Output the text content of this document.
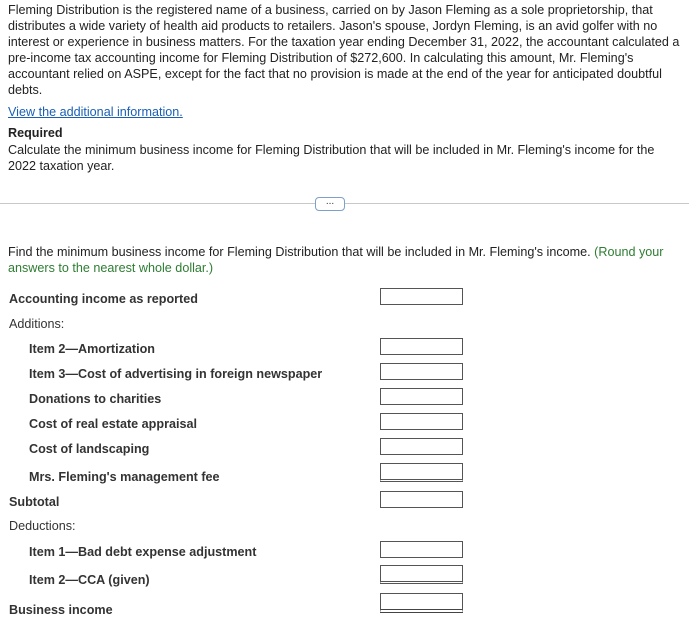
Fleming Distribution is the registered name of a business, carried on by Jason Fleming as a sole proprietorship, that distributes a wide variety of health aid products to retailers. Jason's spouse, Jordyn Fleming, is an avid golfer with no interest or experience in business matters. For the taxation year ending December 31, 2022, the accountant calculated a pre-income tax accounting income for Fleming Distribution of $272,600. In calculating this amount, Mr. Fleming's accountant relied on ASPE, except for the fact that no provision is made at the end of the year for anticipated doubtful debts.
View the additional information.
Required
Calculate the minimum business income for Fleming Distribution that will be included in Mr. Fleming's income for the 2022 taxation year.
...
Find the minimum business income for Fleming Distribution that will be included in Mr. Fleming's income. (Round your answers to the nearest whole dollar.)
Accounting income as reported
Additions:
Item 2—Amortization
Item 3—Cost of advertising in foreign newspaper
Donations to charities
Cost of real estate appraisal
Cost of landscaping
Mrs. Fleming's management fee
Subtotal
Deductions:
Item 1—Bad debt expense adjustment
Item 2—CCA (given)
Business income
